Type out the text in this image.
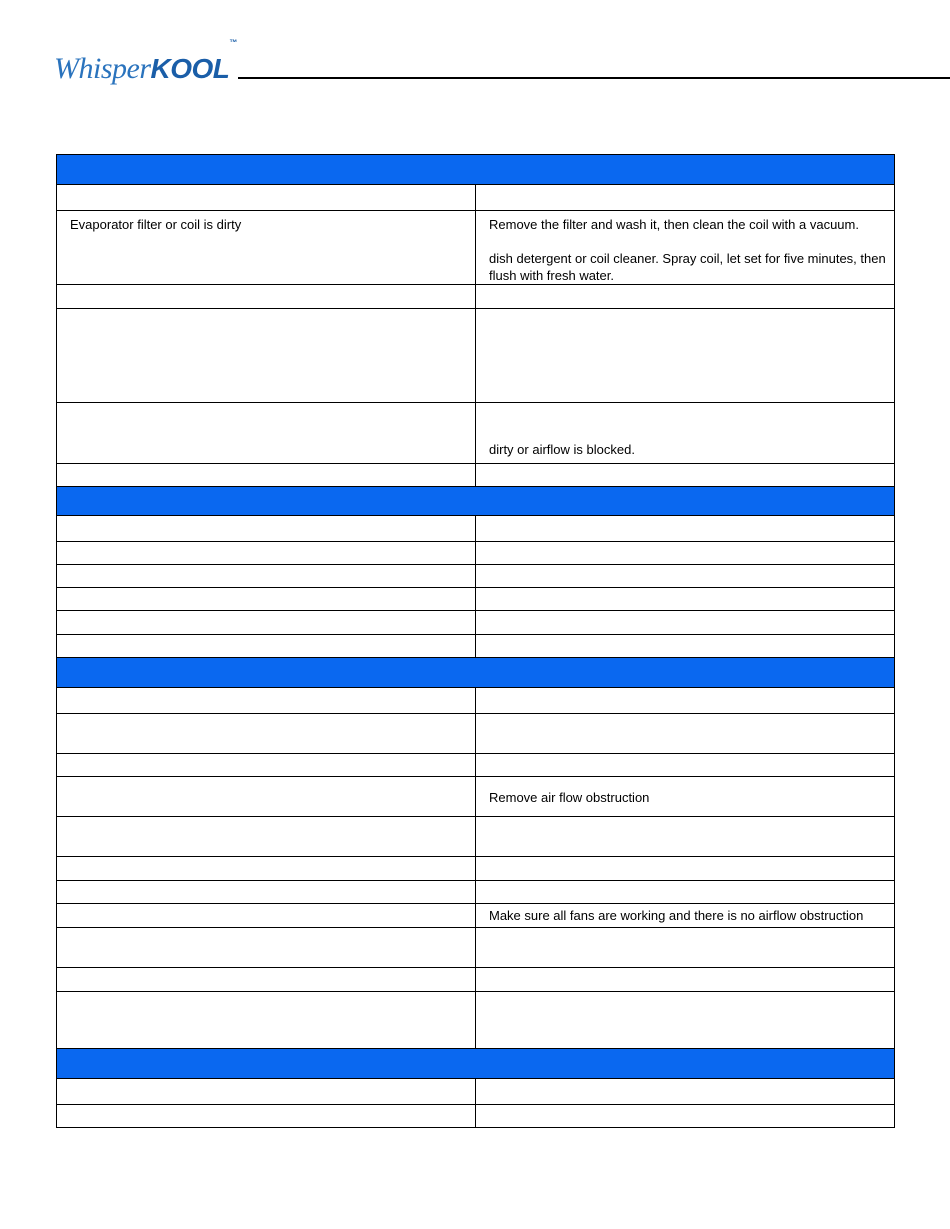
WhisperKOOL
™
Evaporator filter or coil is dirty	Remove the filter and wash it, then clean the coil with a vacuum.
dish detergent or coil cleaner. Spray coil, let set for five minutes, then flush with fresh water.
dirty or airflow is blocked.
Remove air flow obstruction
Make sure all fans are working and there is no airflow obstruction
